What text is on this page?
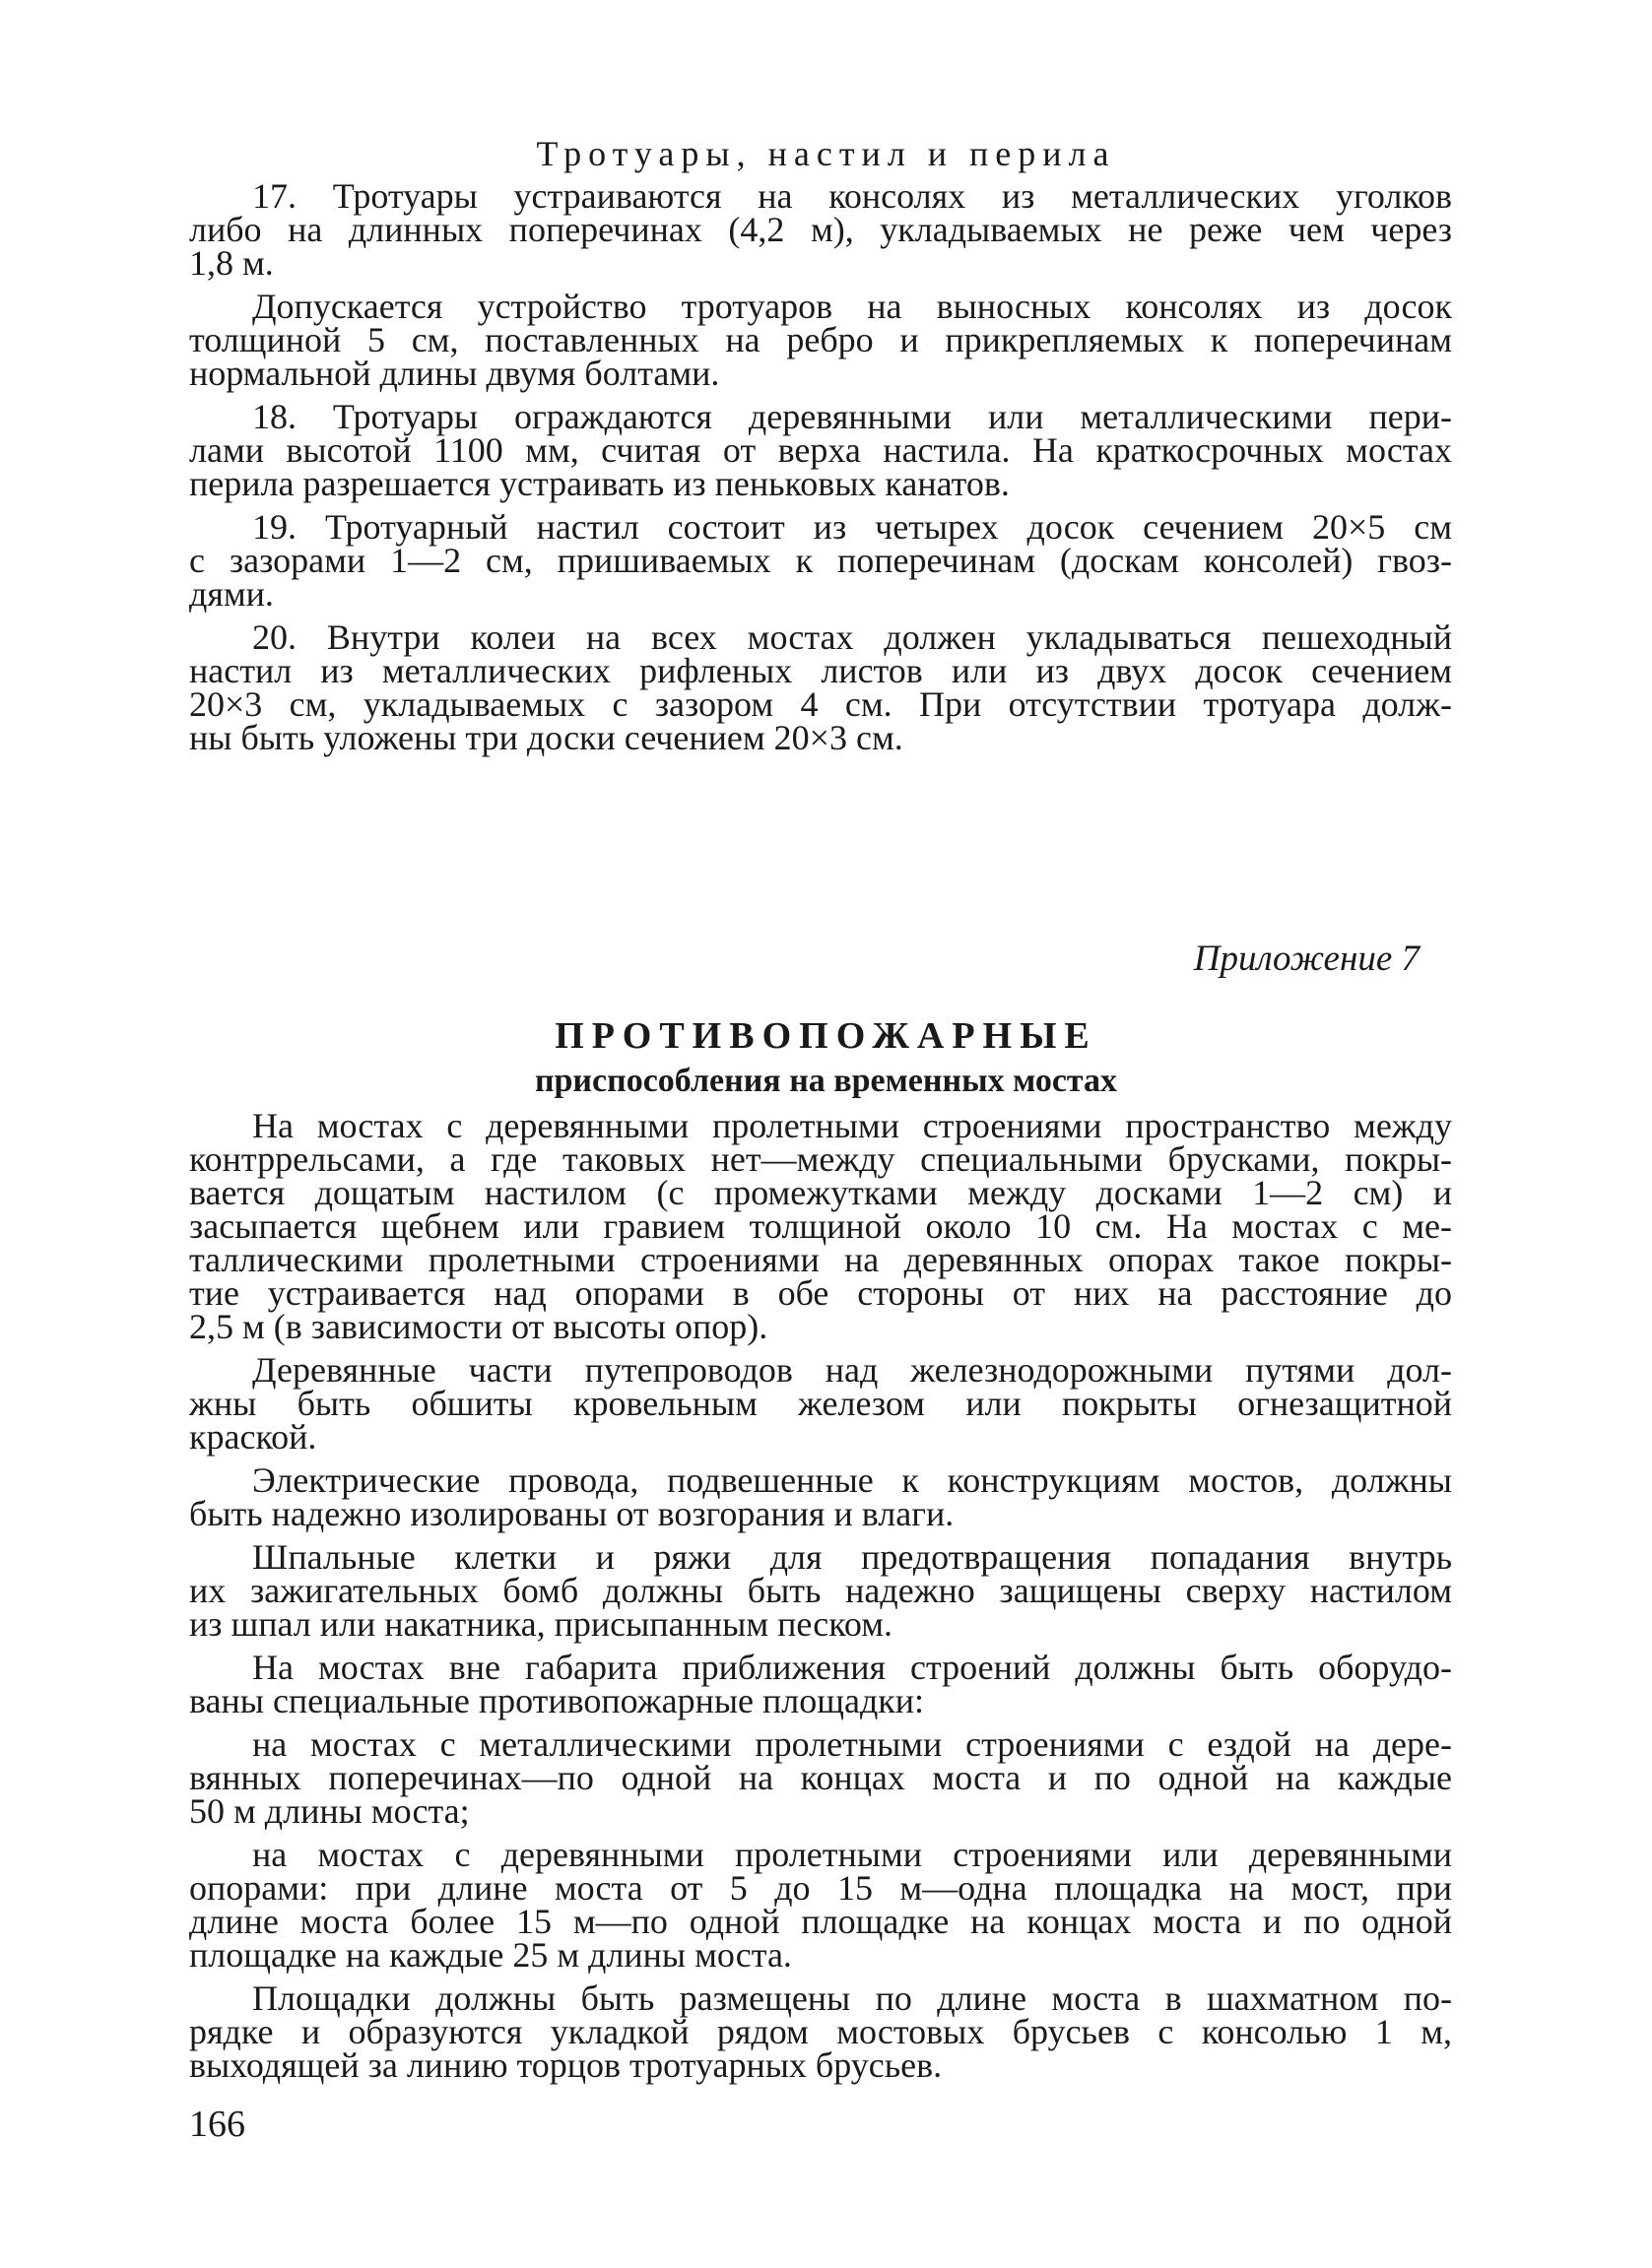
Тротуары, настил и перила
17. Тротуары устраиваются на консолях из металлических уголков
либо на длинных поперечинах (4,2 м), укладываемых не реже чем через
1,8 м.
Допускается устройство тротуаров на выносных консолях из досок
толщиной 5 см, поставленных на ребро и прикрепляемых к поперечинам
нормальной длины двумя болтами.
18. Тротуары ограждаются деревянными или металлическими пери-
лами высотой 1100 мм, считая от верха настила. На краткосрочных мостах
перила разрешается устраивать из пеньковых канатов.
19. Тротуарный настил состоит из четырех досок сечением 20×5 см
с зазорами 1—2 см, пришиваемых к поперечинам (доскам консолей) гвоз-
дями.
20. Внутри колеи на всех мостах должен укладываться пешеходный
настил из металлических рифленых листов или из двух досок сечением
20×3 см, укладываемых с зазором 4 см. При отсутствии тротуара долж-
ны быть уложены три доски сечением 20×3 см.
Приложение 7
ПРОТИВОПОЖАРНЫЕ
приспособления на временных мостах
На мостах с деревянными пролетными строениями пространство между
контррельсами, а где таковых нет—между специальными брусками, покры-
вается дощатым настилом (с промежутками между досками 1—2 см) и
засыпается щебнем или гравием толщиной около 10 см. На мостах с ме-
таллическими пролетными строениями на деревянных опорах такое покры-
тие устраивается над опорами в обе стороны от них на расстояние до
2,5 м (в зависимости от высоты опор).
Деревянные части путепроводов над железнодорожными путями дол-
жны быть обшиты кровельным железом или покрыты огнезащитной
краской.
Электрические провода, подвешенные к конструкциям мостов, должны
быть надежно изолированы от возгорания и влаги.
Шпальные клетки и ряжи для предотвращения попадания внутрь
их зажигательных бомб должны быть надежно защищены сверху настилом
из шпал или накатника, присыпанным песком.
На мостах вне габарита приближения строений должны быть оборудо-
ваны специальные противопожарные площадки:
на мостах с металлическими пролетными строениями с ездой на дере-
вянных поперечинах—по одной на концах моста и по одной на каждые
50 м длины моста;
на мостах с деревянными пролетными строениями или деревянными
опорами: при длине моста от 5 до 15 м—одна площадка на мост, при
длине моста более 15 м—по одной площадке на концах моста и по одной
площадке на каждые 25 м длины моста.
Площадки должны быть размещены по длине моста в шахматном по-
рядке и образуются укладкой рядом мостовых брусьев с консолью 1 м,
выходящей за линию торцов тротуарных брусьев.
166
